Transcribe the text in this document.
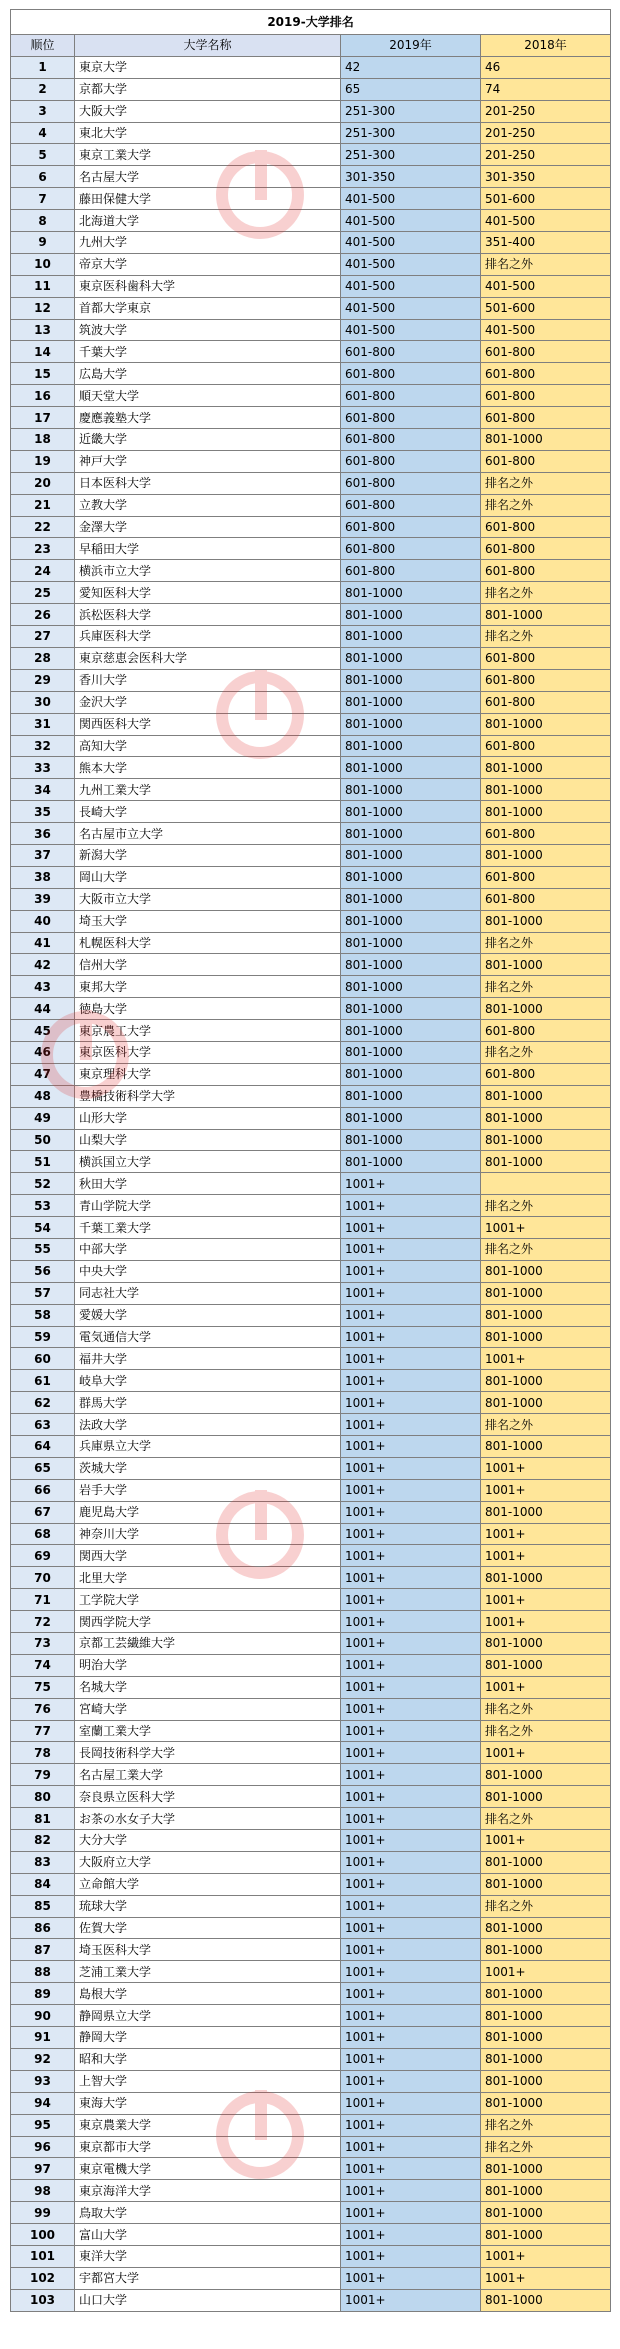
2019-大学排名			
顺位	大学名称	2019年	2018年
1	東京大学	42	46
2	京都大学	65	74
3	大阪大学	251-300	201-250
4	東北大学	251-300	201-250
5	東京工業大学	251-300	201-250
6	名古屋大学	301-350	301-350
7	藤田保健大学	401-500	501-600
8	北海道大学	401-500	401-500
9	九州大学	401-500	351-400
10	帝京大学	401-500	排名之外
11	東京医科歯科大学	401-500	401-500
12	首都大学東京	401-500	501-600
13	筑波大学	401-500	401-500
14	千葉大学	601-800	601-800
15	広島大学	601-800	601-800
16	順天堂大学	601-800	601-800
17	慶應義塾大学	601-800	601-800
18	近畿大学	601-800	801-1000
19	神戸大学	601-800	601-800
20	日本医科大学	601-800	排名之外
21	立教大学	601-800	排名之外
22	金澤大学	601-800	601-800
23	早稲田大学	601-800	601-800
24	横浜市立大学	601-800	601-800
25	愛知医科大学	801-1000	排名之外
26	浜松医科大学	801-1000	801-1000
27	兵庫医科大学	801-1000	排名之外
28	東京慈恵会医科大学	801-1000	601-800
29	香川大学	801-1000	601-800
30	金沢大学	801-1000	601-800
31	関西医科大学	801-1000	801-1000
32	高知大学	801-1000	601-800
33	熊本大学	801-1000	801-1000
34	九州工業大学	801-1000	801-1000
35	長崎大学	801-1000	801-1000
36	名古屋市立大学	801-1000	601-800
37	新潟大学	801-1000	801-1000
38	岡山大学	801-1000	601-800
39	大阪市立大学	801-1000	601-800
40	埼玉大学	801-1000	801-1000
41	札幌医科大学	801-1000	排名之外
42	信州大学	801-1000	801-1000
43	東邦大学	801-1000	排名之外
44	徳島大学	801-1000	801-1000
45	東京農工大学	801-1000	601-800
46	東京医科大学	801-1000	排名之外
47	東京理科大学	801-1000	601-800
48	豊橋技術科学大学	801-1000	801-1000
49	山形大学	801-1000	801-1000
50	山梨大学	801-1000	801-1000
51	横浜国立大学	801-1000	801-1000
52	秋田大学	1001+	
53	青山学院大学	1001+	排名之外
54	千葉工業大学	1001+	1001+
55	中部大学	1001+	排名之外
56	中央大学	1001+	801-1000
57	同志社大学	1001+	801-1000
58	愛媛大学	1001+	801-1000
59	電気通信大学	1001+	801-1000
60	福井大学	1001+	1001+
61	岐阜大学	1001+	801-1000
62	群馬大学	1001+	801-1000
63	法政大学	1001+	排名之外
64	兵庫県立大学	1001+	801-1000
65	茨城大学	1001+	1001+
66	岩手大学	1001+	1001+
67	鹿児島大学	1001+	801-1000
68	神奈川大学	1001+	1001+
69	関西大学	1001+	1001+
70	北里大学	1001+	801-1000
71	工学院大学	1001+	1001+
72	関西学院大学	1001+	1001+
73	京都工芸繊維大学	1001+	801-1000
74	明治大学	1001+	801-1000
75	名城大学	1001+	1001+
76	宮崎大学	1001+	排名之外
77	室蘭工業大学	1001+	排名之外
78	長岡技術科学大学	1001+	1001+
79	名古屋工業大学	1001+	801-1000
80	奈良県立医科大学	1001+	801-1000
81	お茶の水女子大学	1001+	排名之外
82	大分大学	1001+	1001+
83	大阪府立大学	1001+	801-1000
84	立命館大学	1001+	801-1000
85	琉球大学	1001+	排名之外
86	佐賀大学	1001+	801-1000
87	埼玉医科大学	1001+	801-1000
88	芝浦工業大学	1001+	1001+
89	島根大学	1001+	801-1000
90	静岡県立大学	1001+	801-1000
91	静岡大学	1001+	801-1000
92	昭和大学	1001+	801-1000
93	上智大学	1001+	801-1000
94	東海大学	1001+	801-1000
95	東京農業大学	1001+	排名之外
96	東京都市大学	1001+	排名之外
97	東京電機大学	1001+	801-1000
98	東京海洋大学	1001+	801-1000
99	鳥取大学	1001+	801-1000
100	富山大学	1001+	801-1000
101	東洋大学	1001+	1001+
102	宇都宮大学	1001+	1001+
103	山口大学	1001+	801-1000
